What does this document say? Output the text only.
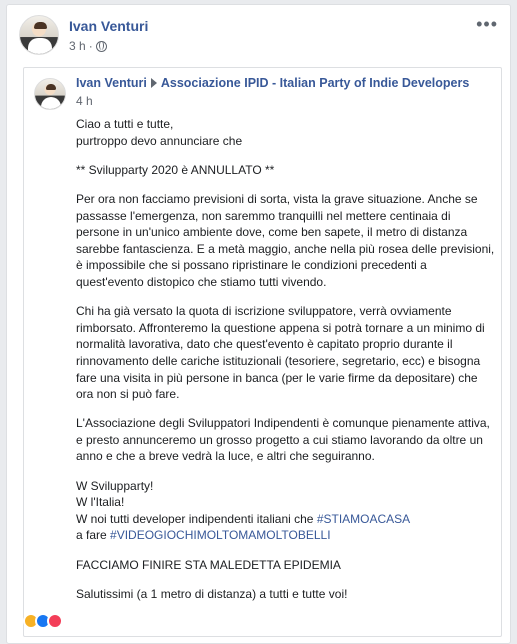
Ivan Venturi
3 h ·
•••
Ivan Venturi Associazione IPID - Italian Party of Indie Developers
4 h

Ciao a tutti e tutte,
purtroppo devo annunciare che

** Svilupparty 2020 è ANNULLATO **

Per ora non facciamo previsioni di sorta, vista la grave situazione. Anche se passasse l'emergenza, non saremmo tranquilli nel mettere centinaia di persone in un'unico ambiente dove, come ben sapete, il metro di distanza sarebbe fantascienza. E a metà maggio, anche nella più rosea delle previsioni, è impossibile che si possano ripristinare le condizioni precedenti a quest'evento distopico che stiamo tutti vivendo.

Chi ha già versato la quota di iscrizione sviluppatore, verrà ovviamente rimborsato. Affronteremo la questione appena si potrà tornare a un minimo di normalità lavorativa, dato che quest'evento è capitato proprio durante il rinnovamento delle cariche istituzionali (tesoriere, segretario, ecc) e bisogna fare una visita in più persone in banca (per le varie firme da depositare) che ora non si può fare.

L'Associazione degli Sviluppatori Indipendenti è comunque pienamente attiva, e presto annunceremo un grosso progetto a cui stiamo lavorando da oltre un anno e che a breve vedrà la luce, e altri che seguiranno.

W Svilupparty!
W l'Italia!
W noi tutti developer indipendenti italiani che #STIAMOACASA
a fare #VIDEOGIOCHIMOLTOMAMOLTOBELLI

FACCIAMO FINIRE STA MALEDETTA EPIDEMIA

Salutissimi (a 1 metro di distanza) a tutti e tutte voi!
